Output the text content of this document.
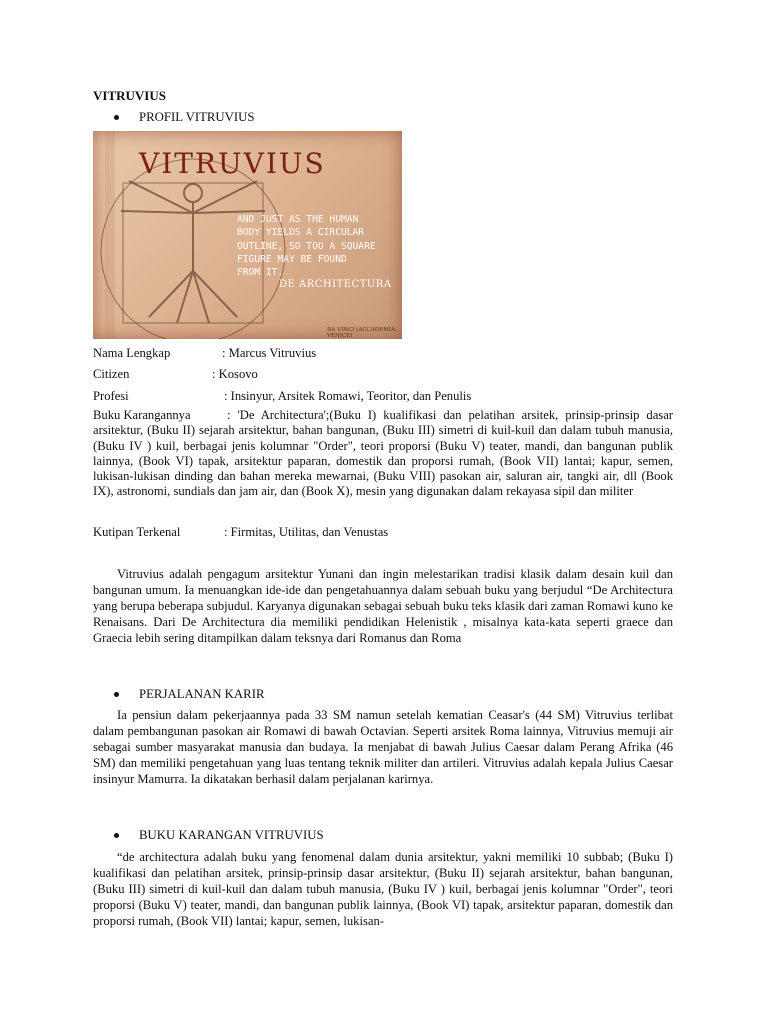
VITRUVIUS
PROFIL VITRUVIUS
VITRUVIUS
AND JUST AS THE HUMAN
BODY YIELDS A CIRCULAR
OUTLINE, SO TOO A SQUARE
FIGURE MAY BE FOUND
FROM IT.
DE ARCHITECTURA
DA VINCI (ACCADEMIA, VENICE)
Nama Lengkap	: Marcus Vitruvius
Citizen	: Kosovo
Profesi	: Insinyur, Arsitek Romawi, Teoritor, dan Penulis
Buku Karangannya	: 'De Architectura';(Buku I) kualifikasi dan pelatihan arsitek, prinsip-prinsip dasar arsitektur, (Buku II) sejarah arsitektur, bahan bangunan, (Buku III) simetri di kuil-kuil dan dalam tubuh manusia, (Buku IV ) kuil, berbagai jenis kolumnar "Order", teori proporsi (Buku V) teater, mandi, dan bangunan publik lainnya, (Book VI) tapak, arsitektur paparan, domestik dan proporsi rumah, (Book VII) lantai; kapur, semen, lukisan-lukisan dinding dan bahan mereka mewarnai, (Buku VIII) pasokan air, saluran air, tangki air, dll (Book IX), astronomi, sundials dan jam air, dan (Book X), mesin yang digunakan dalam rekayasa sipil dan militer
Kutipan Terkenal	: Firmitas, Utilitas, dan Venustas
Vitruvius adalah pengagum arsitektur Yunani dan ingin melestarikan tradisi klasik dalam desain kuil dan bangunan umum. Ia menuangkan ide-ide dan pengetahuannya dalam sebuah buku yang berjudul “De Architectura yang berupa beberapa subjudul. Karyanya digunakan sebagai sebuah buku teks klasik dari zaman Romawi kuno ke Renaisans. Dari De Architectura dia memiliki pendidikan Helenistik , misalnya kata-kata seperti graece dan Graecia lebih sering ditampilkan dalam teksnya dari Romanus dan Roma
PERJALANAN KARIR
Ia pensiun dalam pekerjaannya pada 33 SM namun setelah kematian Ceasar's (44 SM) Vitruvius terlibat dalam pembangunan pasokan air Romawi di bawah Octavian. Seperti arsitek Roma lainnya, Vitruvius memuji air sebagai sumber masyarakat manusia dan budaya. Ia menjabat di bawah Julius Caesar dalam Perang Afrika (46 SM) dan memiliki pengetahuan yang luas tentang teknik militer dan artileri. Vitruvius adalah kepala Julius Caesar insinyur Mamurra. Ia dikatakan berhasil dalam perjalanan karirnya.
BUKU KARANGAN VITRUVIUS
“de architectura adalah buku yang fenomenal dalam dunia arsitektur, yakni memiliki 10 subbab; (Buku I) kualifikasi dan pelatihan arsitek, prinsip-prinsip dasar arsitektur, (Buku II) sejarah arsitektur, bahan bangunan, (Buku III) simetri di kuil-kuil dan dalam tubuh manusia, (Buku IV ) kuil, berbagai jenis kolumnar "Order", teori proporsi (Buku V) teater, mandi, dan bangunan publik lainnya, (Book VI) tapak, arsitektur paparan, domestik dan proporsi rumah, (Book VII) lantai; kapur, semen, lukisan-
